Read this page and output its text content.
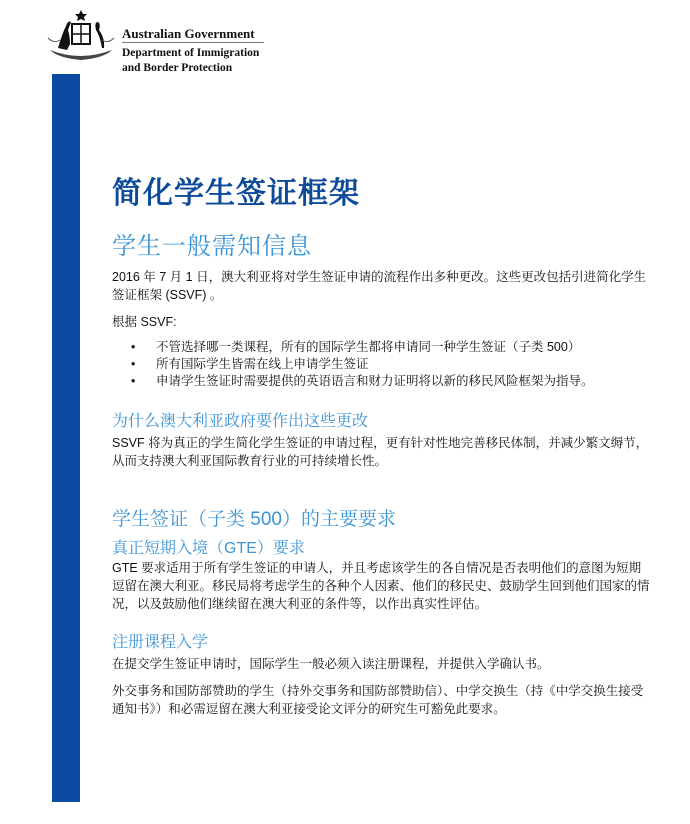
Australian Government
Department of Immigration
and Border Protection
简化学生签证框架
学生一般需知信息
2016 年 7 月 1 日，澳大利亚将对学生签证申请的流程作出多种更改。这些更改包括引进简化学生签证框架 (SSVF) 。
根据 SSVF:
• 不管选择哪一类课程，所有的国际学生都将申请同一种学生签证（子类 500）
• 所有国际学生皆需在线上申请学生签证
• 申请学生签证时需要提供的英语语言和财力证明将以新的移民风险框架为指导。
为什么澳大利亚政府要作出这些更改
SSVF 将为真正的学生简化学生签证的申请过程，更有针对性地完善移民体制，并减少繁文缛节，从而支持澳大利亚国际教育行业的可持续增长性。
学生签证（子类 500）的主要要求
真正短期入境（GTE）要求
GTE 要求适用于所有学生签证的申请人，并且考虑该学生的各自情况是否表明他们的意图为短期逗留在澳大利亚。移民局将考虑学生的各种个人因素、他们的移民史、鼓励学生回到他们国家的情况，以及鼓励他们继续留在澳大利亚的条件等，以作出真实性评估。
注册课程入学
在提交学生签证申请时，国际学生一般必须入读注册课程，并提供入学确认书。
外交事务和国防部赞助的学生（持外交事务和国防部赞助信）、中学交换生（持《中学交换生接受通知书》）和必需逗留在澳大利亚接受论文评分的研究生可豁免此要求。
